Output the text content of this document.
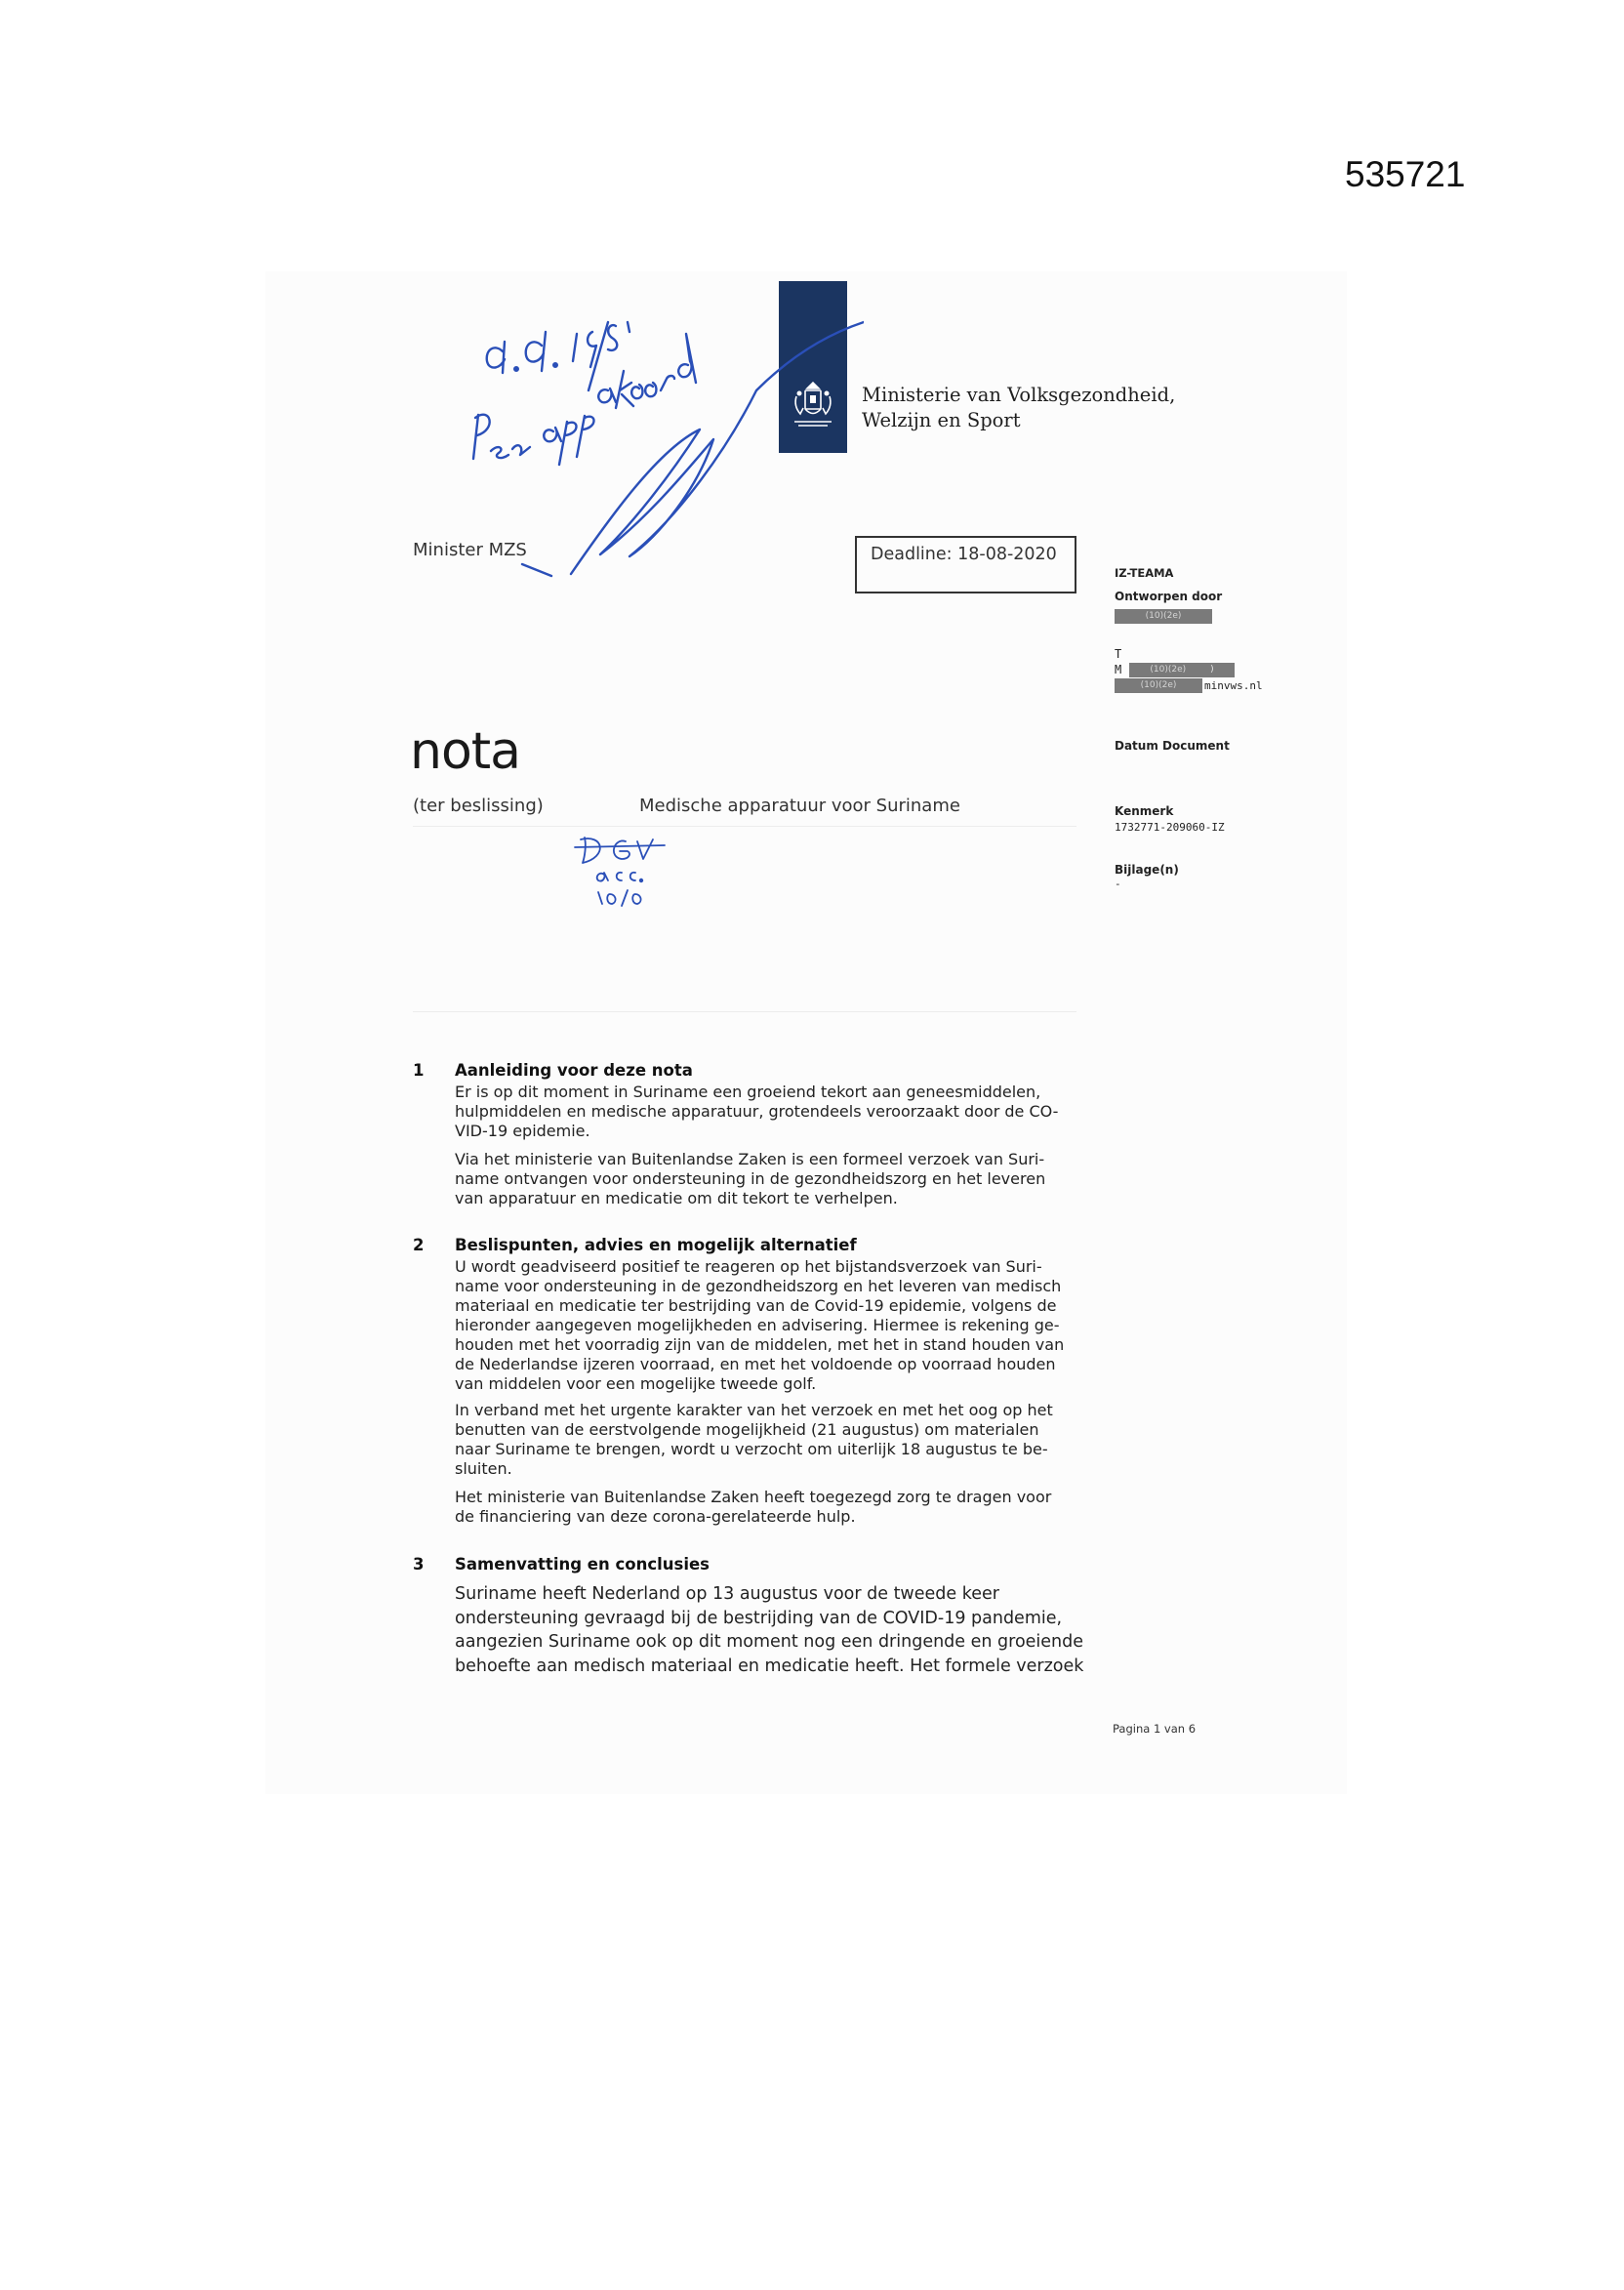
535721
Ministerie van Volksgezondheid,
Welzijn en Sport
Minister MZS	Deadline: 18-08-2020
IZ-TEAMA
Ontworpen door
(10)(2e)
T
M	(10)(2e)	)
(10)(2e)	minvws.nl
Datum Document
Kenmerk
1732771-209060-IZ
Bijlage(n)
-
nota
(ter beslissing)	Medische apparatuur voor Suriname
1 Aanleiding voor deze nota
Er is op dit moment in Suriname een groeiend tekort aan geneesmiddelen,
hulpmiddelen en medische apparatuur, grotendeels veroorzaakt door de CO-
VID-19 epidemie.
Via het ministerie van Buitenlandse Zaken is een formeel verzoek van Suri-
name ontvangen voor ondersteuning in de gezondheidszorg en het leveren
van apparatuur en medicatie om dit tekort te verhelpen.
2 Beslispunten, advies en mogelijk alternatief
U wordt geadviseerd positief te reageren op het bijstandsverzoek van Suri-
name voor ondersteuning in de gezondheidszorg en het leveren van medisch
materiaal en medicatie ter bestrijding van de Covid-19 epidemie, volgens de
hieronder aangegeven mogelijkheden en advisering. Hiermee is rekening ge-
houden met het voorradig zijn van de middelen, met het in stand houden van
de Nederlandse ijzeren voorraad, en met het voldoende op voorraad houden
van middelen voor een mogelijke tweede golf.
In verband met het urgente karakter van het verzoek en met het oog op het
benutten van de eerstvolgende mogelijkheid (21 augustus) om materialen
naar Suriname te brengen, wordt u verzocht om uiterlijk 18 augustus te be-
sluiten.
Het ministerie van Buitenlandse Zaken heeft toegezegd zorg te dragen voor
de financiering van deze corona-gerelateerde hulp.
3 Samenvatting en conclusies
Suriname heeft Nederland op 13 augustus voor de tweede keer
ondersteuning gevraagd bij de bestrijding van de COVID-19 pandemie,
aangezien Suriname ook op dit moment nog een dringende en groeiende
behoefte aan medisch materiaal en medicatie heeft. Het formele verzoek
Pagina 1 van 6
